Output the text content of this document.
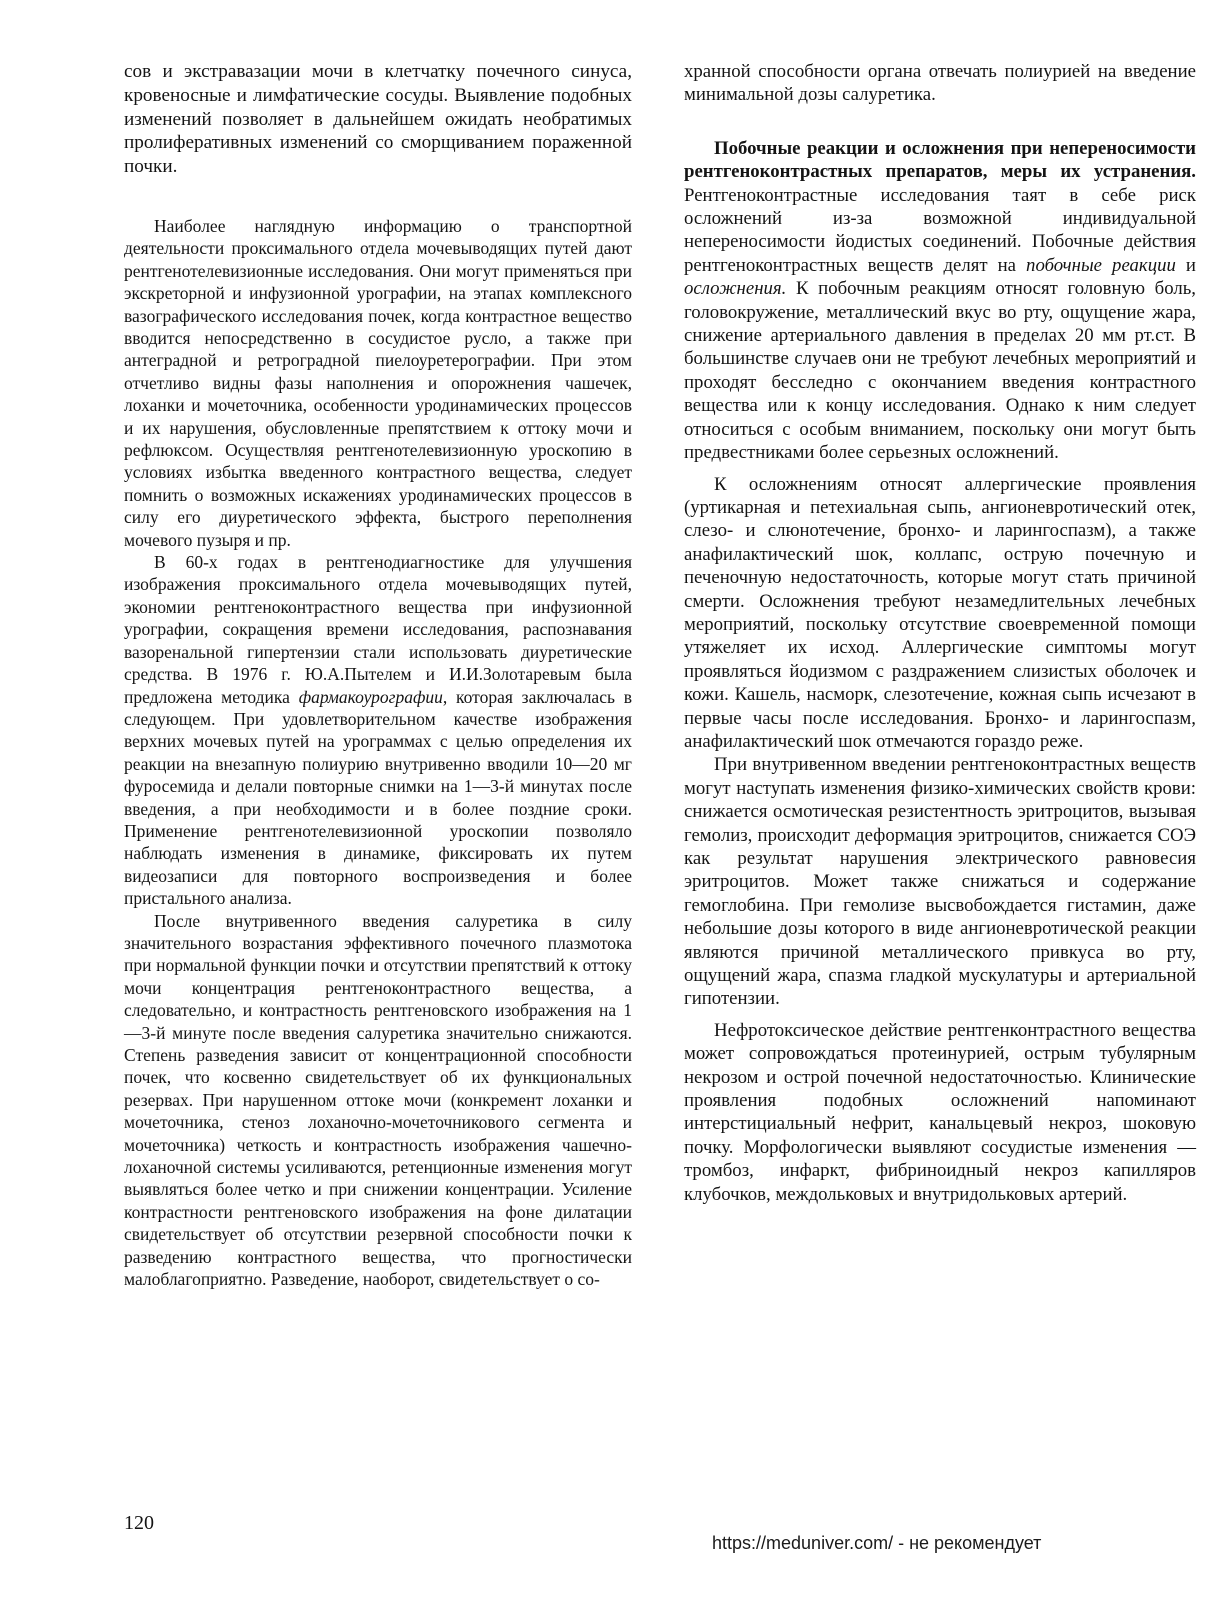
сов и экстравазации мочи в клетчатку почечного синуса, кровеносные и лимфатические сосуды. Выявление подобных изменений позволяет в дальнейшем ожидать необратимых пролиферативных изменений со сморщиванием пораженной почки.

Наиболее наглядную информацию о транспортной деятельности проксимального отдела мочевыводящих путей дают рентгенотелевизионные исследования. Они могут применяться при экскреторной и инфузионной урографии, на этапах комплексного вазографического исследования почек, когда контрастное вещество вводится непосредственно в сосудистое русло, а также при антеградной и ретроградной пиелоуретерографии. При этом отчетливо видны фазы наполнения и опорожнения чашечек, лоханки и мочеточника, особенности уродинамических процессов и их нарушения, обусловленные препятствием к оттоку мочи и рефлюксом. Осуществляя рентгенотелевизионную уроскопию в условиях избытка введенного контрастного вещества, следует помнить о возможных искажениях уродинамических процессов в силу его диуретического эффекта, быстрого переполнения мочевого пузыря и пр.

В 60-х годах в рентгенодиагностике для улучшения изображения проксимального отдела мочевыводящих путей, экономии рентгеноконтрастного вещества при инфузионной урографии, сокращения времени исследования, распознавания вазоренальной гипертензии стали использовать диуретические средства. В 1976 г. Ю.А.Пытелем и И.И.Золотаревым была предложена методика фармакоурографии, которая заключалась в следующем. При удовлетворительном качестве изображения верхних мочевых путей на урограммах с целью определения их реакции на внезапную полиурию внутривенно вводили 10—20 мг фуросемида и делали повторные снимки на 1—3-й минутах после введения, а при необходимости и в более поздние сроки. Применение рентгенотелевизионной уроскопии позволяло наблюдать изменения в динамике, фиксировать их путем видеозаписи для повторного воспроизведения и более пристального анализа.

После внутривенного введения салуретика в силу значительного возрастания эффективного почечного плазмотока при нормальной функции почки и отсутствии препятствий к оттоку мочи концентрация рентгеноконтрастного вещества, а следовательно, и контрастность рентгеновского изображения на 1—3-й минуте после введения салуретика значительно снижаются. Степень разведения зависит от концентрационной способности почек, что косвенно свидетельствует об их функциональных резервах. При нарушенном оттоке мочи (конкремент лоханки и мочеточника, стеноз лоханочно-мочеточникового сегмента и мочеточника) четкость и контрастность изображения чашечно-лоханочной системы усиливаются, ретенционные изменения могут выявляться более четко и при снижении концентрации. Усиление контрастности рентгеновского изображения на фоне дилатации свидетельствует об отсутствии резервной способности почки к разведению контрастного вещества, что прогностически малоблагоприятно. Разведение, наоборот, свидетельствует о со-

хранной способности органа отвечать полиурией на введение минимальной дозы салуретика.

Побочные реакции и осложнения при непереносимости рентгеноконтрастных препаратов, меры их устранения. Рентгеноконтрастные исследования таят в себе риск осложнений из-за возможной индивидуальной непереносимости йодистых соединений. Побочные действия рентгеноконтрастных веществ делят на побочные реакции и осложнения. К побочным реакциям относят головную боль, головокружение, металлический вкус во рту, ощущение жара, снижение артериального давления в пределах 20 мм рт.ст. В большинстве случаев они не требуют лечебных мероприятий и проходят бесследно с окончанием введения контрастного вещества или к концу исследования. Однако к ним следует относиться с особым вниманием, поскольку они могут быть предвестниками более серьезных осложнений.

К осложнениям относят аллергические проявления (уртикарная и петехиальная сыпь, ангионевротический отек, слезо- и слюнотечение, бронхо- и ларингоспазм), а также анафилактический шок, коллапс, острую почечную и печеночную недостаточность, которые могут стать причиной смерти. Осложнения требуют незамедлительных лечебных мероприятий, поскольку отсутствие своевременной помощи утяжеляет их исход. Аллергические симптомы могут проявляться йодизмом с раздражением слизистых оболочек и кожи. Кашель, насморк, слезотечение, кожная сыпь исчезают в первые часы после исследования. Бронхо- и ларингоспазм, анафилактический шок отмечаются гораздо реже.

При внутривенном введении рентгеноконтрастных веществ могут наступать изменения физико-химических свойств крови: снижается осмотическая резистентность эритроцитов, вызывая гемолиз, происходит деформация эритроцитов, снижается СОЭ как результат нарушения электрического равновесия эритроцитов. Может также снижаться и содержание гемоглобина. При гемолизе высвобождается гистамин, даже небольшие дозы которого в виде ангионевротической реакции являются причиной металлического привкуса во рту, ощущений жара, спазма гладкой мускулатуры и артериальной гипотензии.

Нефротоксическое действие рентгенконтрастного вещества может сопровождаться протеинурией, острым тубулярным некрозом и острой почечной недостаточностью. Клинические проявления подобных осложнений напоминают интерстициальный нефрит, канальцевый некроз, шоковую почку. Морфологически выявляют сосудистые изменения — тромбоз, инфаркт, фибриноидный некроз капилляров клубочков, междольковых и внутридольковых артерий.

120
https://meduniver.com/ - не рекомендует
